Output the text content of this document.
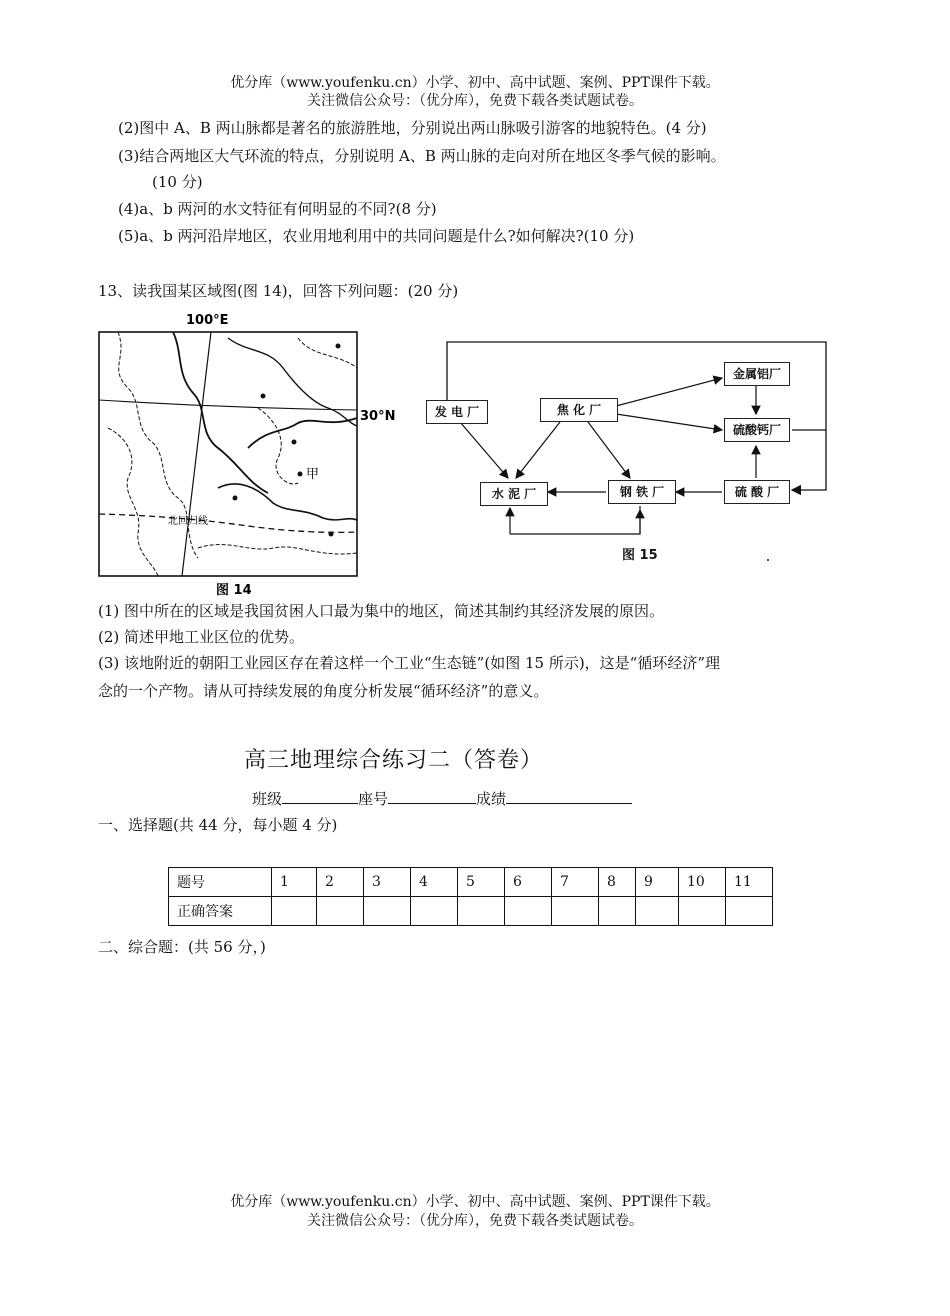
优分库（www.youfenku.cn）小学、初中、高中试题、案例、PPT课件下载。
关注微信公众号：（优分库），免费下载各类试题试卷。
(2)图中 A、B 两山脉都是著名的旅游胜地，分别说出两山脉吸引游客的地貌特色。(4 分)
(3)结合两地区大气环流的特点，分别说明 A、B 两山脉的走向对所在地区冬季气候的影响。
(10 分)
(4)a、b 两河的水文特征有何明显的不同?(8 分)
(5)a、b 两河沿岸地区，农业用地利用中的共同问题是什么?如何解决?(10 分)
13、读我国某区域图(图 14)，回答下列问题：(20 分)
甲
100°E
30°N
北回归线
图 14
发 电 厂	焦 化 厂
金属铝厂
硫酸钙厂
水 泥 厂	钢 铁 厂	硫 酸 厂
图 15
(1) 图中所在的区域是我国贫困人口最为集中的地区，简述其制约其经济发展的原因。
(2) 简述甲地工业区位的优势。
(3) 该地附近的朝阳工业园区存在着这样一个工业“生态链”(如图 15 所示)，这是“循环经济”理
念的一个产物。请从可持续发展的角度分析发展“循环经济”的意义。
高三地理综合练习二（答卷）
班级	座号	成绩
一、选择题(共 44 分，每小题 4 分)
题号	1	2	3	4	5	6	7	8	9	10	11
正确答案											
二、综合题：(共 56 分，)
优分库（www.youfenku.cn）小学、初中、高中试题、案例、PPT课件下载。
关注微信公众号：（优分库），免费下载各类试题试卷。
